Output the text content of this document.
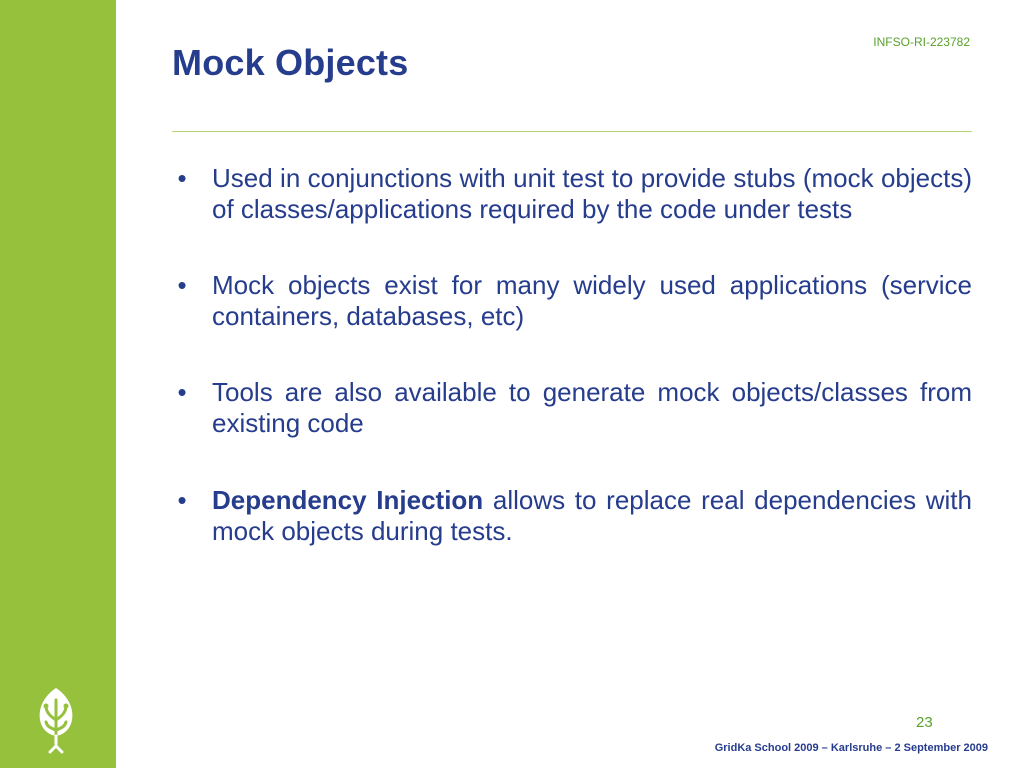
Mock Objects	INFSO-RI-223782
• Used in conjunctions with unit test to provide stubs (mock objects) of classes/applications required by the code under tests
• Mock objects exist for many widely used applications (service containers, databases, etc)
• Tools are also available to generate mock objects/classes from existing code
• Dependency Injection allows to replace real dependencies with mock objects during tests.
23
GridKa School 2009 – Karlsruhe – 2 September 2009
